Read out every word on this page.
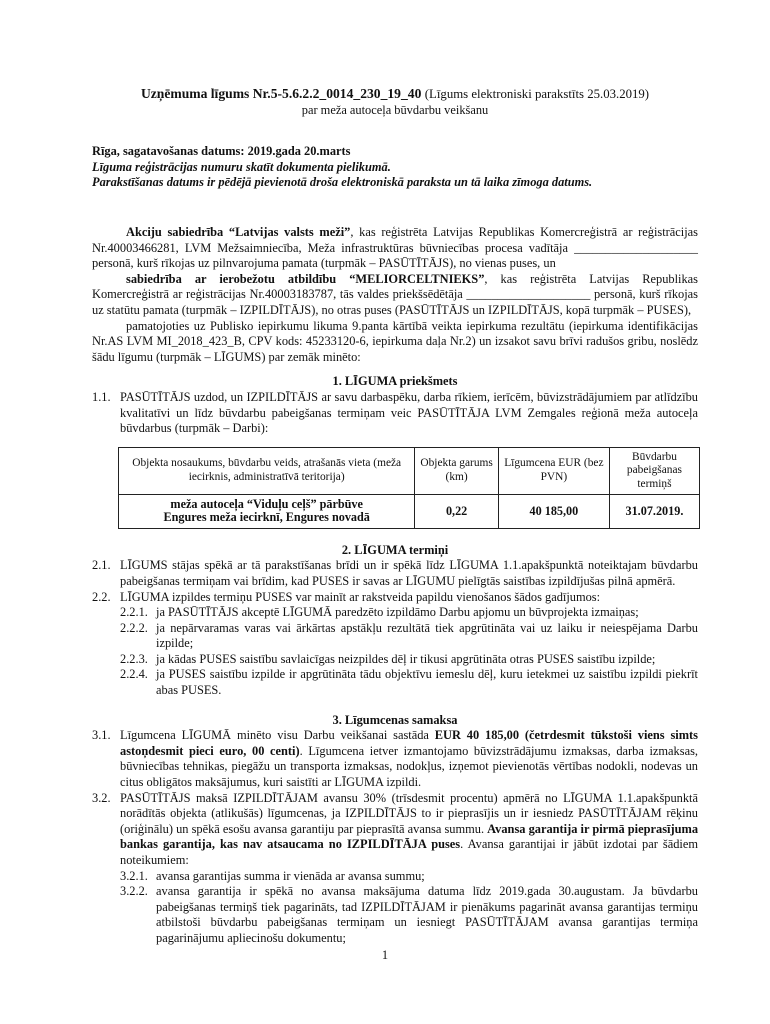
Uzņēmuma līgums Nr.5-5.6.2.2_0014_230_19_40 (Līgums elektroniski parakstīts 25.03.2019)
par meža autoceļa būvdarbu veikšanu
Rīga, sagatavošanas datums: 2019.gada 20.marts
Līguma reģistrācijas numuru skatīt dokumenta pielikumā.
Parakstīšanas datums ir pēdējā pievienotā droša elektroniskā paraksta un tā laika zīmoga datums.
Akciju sabiedrība “Latvijas valsts meži”, kas reģistrēta Latvijas Republikas Komercreģistrā ar reģistrācijas Nr.40003466281, LVM Mežsaimniecība, Meža infrastruktūras būvniecības procesa vadītāja ____________________ personā, kurš rīkojas uz pilnvarojuma pamata (turpmāk – PASŪTĪTĀJS), no vienas puses, un
sabiedrība ar ierobežotu atbildību “MELIORCELTNIEKS”, kas reģistrēta Latvijas Republikas Komercreģistrā ar reģistrācijas Nr.40003183787, tās valdes priekšsēdētāja ____________________ personā, kurš rīkojas uz statūtu pamata (turpmāk – IZPILDĪTĀJS), no otras puses (PASŪTĪTĀJS un IZPILDĪTĀJS, kopā turpmāk – PUSES),
pamatojoties uz Publisko iepirkumu likuma 9.panta kārtībā veikta iepirkuma rezultātu (iepirkuma identifikācijas Nr.AS LVM MI_2018_423_B, CPV kods: 45233120-6, iepirkuma daļa Nr.2) un izsakot savu brīvi radušos gribu, noslēdz šādu līgumu (turpmāk – LĪGUMS) par zemāk minēto:
1. LĪGUMA priekšmets
1.1. PASŪTĪTĀJS uzdod, un IZPILDĪTĀJS ar savu darbaspēku, darba rīkiem, ierīcēm, būvizstrādājumiem par atlīdzību kvalitatīvi un līdz būvdarbu pabeigšanas termiņam veic PASŪTĪTĀJA LVM Zemgales reģionā meža autoceļa būvdarbus (turpmāk – Darbi):
Objekta nosaukums, būvdarbu veids, atrašanās vieta (meža iecirknis, administratīvā teritorija)	Objekta garums (km)	Līgumcena EUR (bez PVN)	Būvdarbu pabeigšanas termiņš

meža autoceļa “Viduļu ceļš” pārbūve
Engures meža iecirknī, Engures novadā	0,22	40 185,00	31.07.2019.
2. LĪGUMA termiņi
2.1. LĪGUMS stājas spēkā ar tā parakstīšanas brīdi un ir spēkā līdz LĪGUMA 1.1.apakšpunktā noteiktajam būvdarbu pabeigšanas termiņam vai brīdim, kad PUSES ir savas ar LĪGUMU pielīgtās saistības izpildījušas pilnā apmērā.
2.2. LĪGUMA izpildes termiņu PUSES var mainīt ar rakstveida papildu vienošanos šādos gadījumos:
2.2.1. ja PASŪTĪTĀJS akceptē LĪGUMĀ paredzēto izpildāmo Darbu apjomu un būvprojekta izmaiņas;
2.2.2. ja nepārvaramas varas vai ārkārtas apstākļu rezultātā tiek apgrūtināta vai uz laiku ir neiespējama Darbu izpilde;
2.2.3. ja kādas PUSES saistību savlaicīgas neizpildes dēļ ir tikusi apgrūtināta otras PUSES saistību izpilde;
2.2.4. ja PUSES saistību izpilde ir apgrūtināta tādu objektīvu iemeslu dēļ, kuru ietekmei uz saistību izpildi piekrīt abas PUSES.
3. Līgumcenas samaksa
3.1. Līgumcena LĪGUMĀ minēto visu Darbu veikšanai sastāda EUR 40 185,00 (četrdesmit tūkstoši viens simts astoņdesmit pieci euro, 00 centi). Līgumcena ietver izmantojamo būvizstrādājumu izmaksas, darba izmaksas, būvniecības tehnikas, piegāžu un transporta izmaksas, nodokļus, izņemot pievienotās vērtības nodokli, nodevas un citus obligātos maksājumus, kuri saistīti ar LĪGUMA izpildi.
3.2. PASŪTĪTĀJS maksā IZPILDĪTĀJAM avansu 30% (trīsdesmit procentu) apmērā no LĪGUMA 1.1.apakšpunktā norādītās objekta (atlikušās) līgumcenas, ja IZPILDĪTĀJS to ir pieprasījis un ir iesniedz PASŪTĪTĀJAM rēķinu (oriģinālu) un spēkā esošu avansa garantiju par pieprasītā avansa summu. Avansa garantija ir pirmā pieprasījuma bankas garantija, kas nav atsaucama no IZPILDĪTĀJA puses. Avansa garantijai ir jābūt izdotai par šādiem noteikumiem:
3.2.1. avansa garantijas summa ir vienāda ar avansa summu;
3.2.2. avansa garantija ir spēkā no avansa maksājuma datuma līdz 2019.gada 30.augustam. Ja būvdarbu pabeigšanas termiņš tiek pagarināts, tad IZPILDĪTĀJAM ir pienākums pagarināt avansa garantijas termiņu atbilstoši būvdarbu pabeigšanas termiņam un iesniegt PASŪTĪTĀJAM avansa garantijas termiņa pagarinājumu apliecinošu dokumentu;
1
